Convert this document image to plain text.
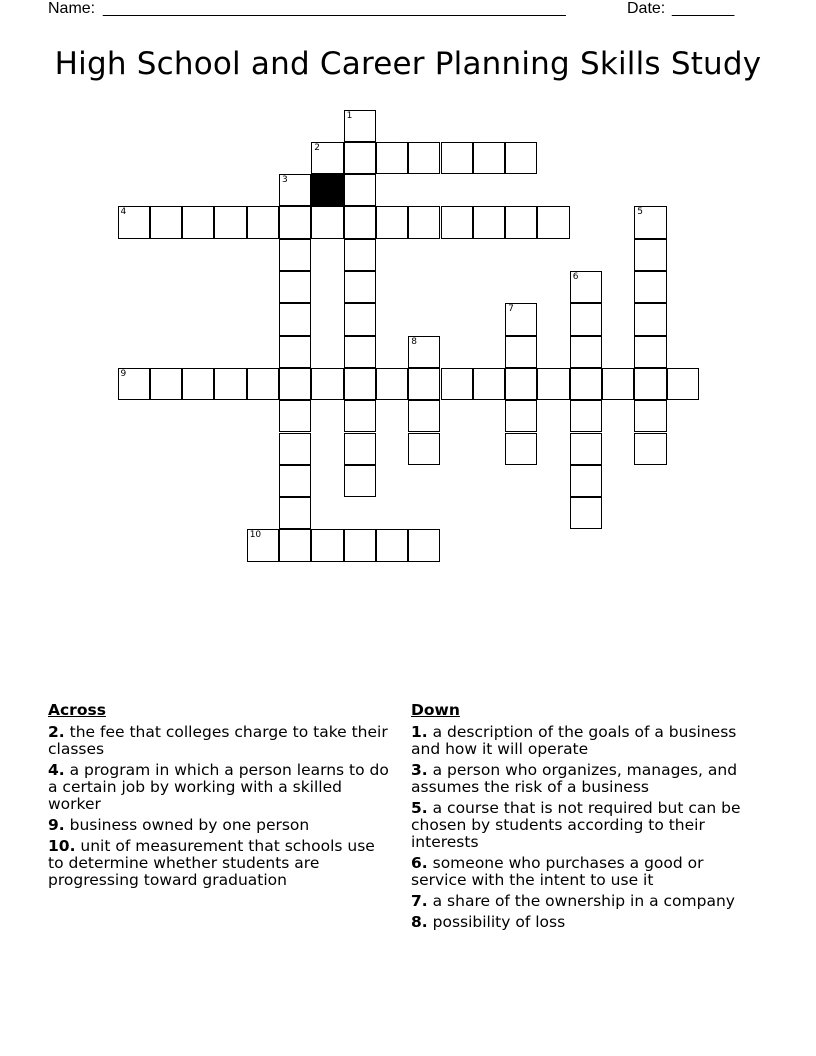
Name: ____________________________________________________	Date: _______
High School and Career Planning Skills Study
1
2
3
4	5
6
7
8
9
10
Across
2. the fee that colleges charge to take their classes
4. a program in which a person learns to do a certain job by working with a skilled worker
9. business owned by one person
10. unit of measurement that schools use to determine whether students are progressing toward graduation
Down
1. a description of the goals of a business and how it will operate
3. a person who organizes, manages, and assumes the risk of a business
5. a course that is not required but can be chosen by students according to their interests
6. someone who purchases a good or service with the intent to use it
7. a share of the ownership in a company
8. possibility of loss
